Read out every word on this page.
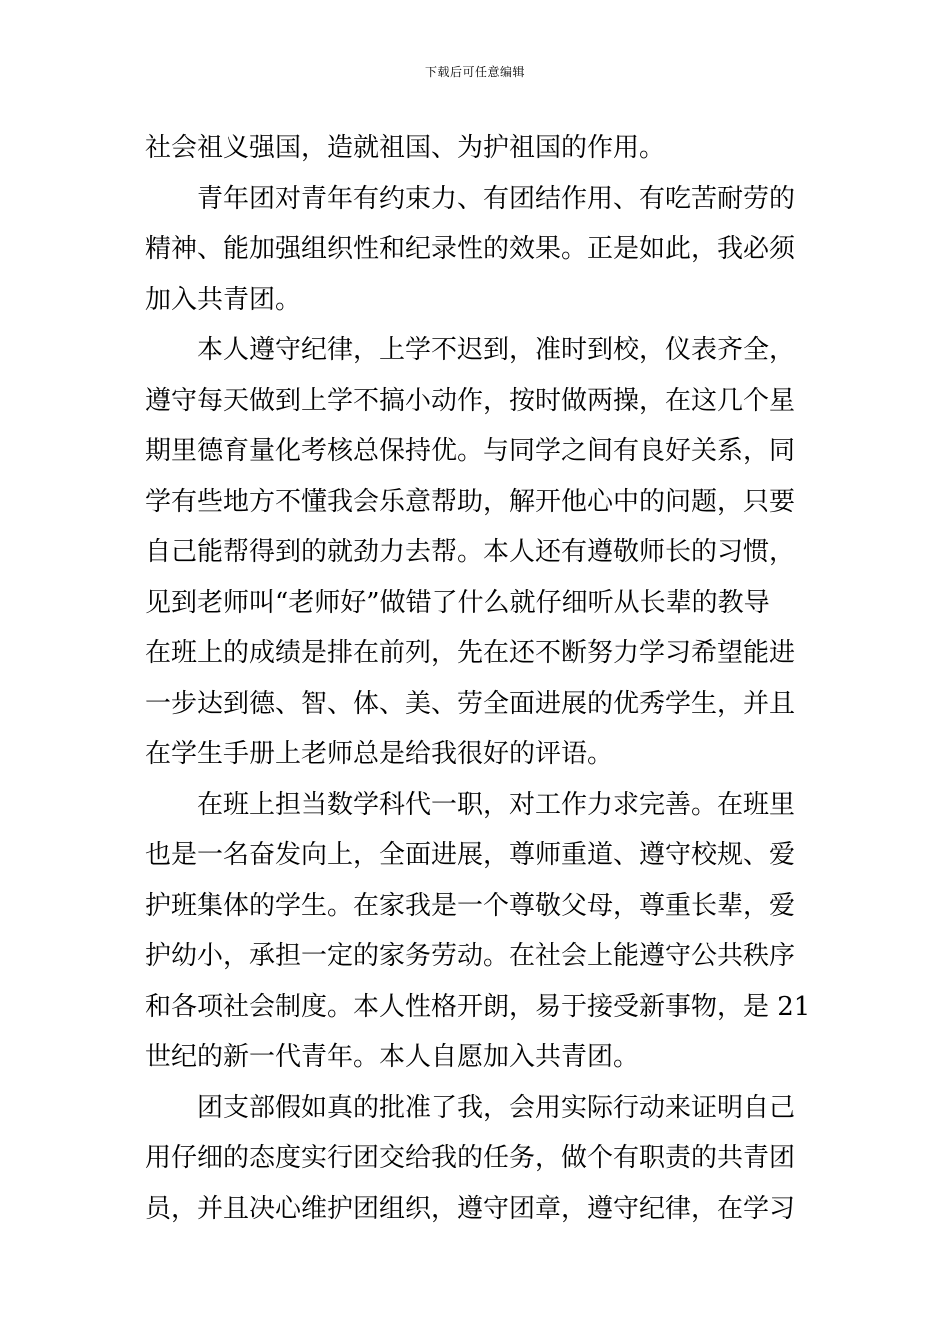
下载后可任意编辑
社会祖义强国，造就祖国、为护祖国的作用。
青年团对青年有约束力、有团结作用、有吃苦耐劳的
精神、能加强组织性和纪录性的效果。正是如此，我必须
加入共青团。
本人遵守纪律，上学不迟到，准时到校，仪表齐全，
遵守每天做到上学不搞小动作，按时做两操，在这几个星
期里德育量化考核总保持优。与同学之间有良好关系，同
学有些地方不懂我会乐意帮助，解开他心中的问题，只要
自己能帮得到的就劲力去帮。本人还有遵敬师长的习惯，
见到老师叫“老师好”做错了什么就仔细听从长辈的教导
在班上的成绩是排在前列，先在还不断努力学习希望能进
一步达到德、智、体、美、劳全面进展的优秀学生，并且
在学生手册上老师总是给我很好的评语。
在班上担当数学科代一职，对工作力求完善。在班里
也是一名奋发向上，全面进展，尊师重道、遵守校规、爱
护班集体的学生。在家我是一个尊敬父母，尊重长辈，爱
护幼小，承担一定的家务劳动。在社会上能遵守公共秩序
和各项社会制度。本人性格开朗，易于接受新事物，是 21
世纪的新一代青年。本人自愿加入共青团。
团支部假如真的批准了我，会用实际行动来证明自己
用仔细的态度实行团交给我的任务，做个有职责的共青团
员，并且决心维护团组织，遵守团章，遵守纪律，在学习
